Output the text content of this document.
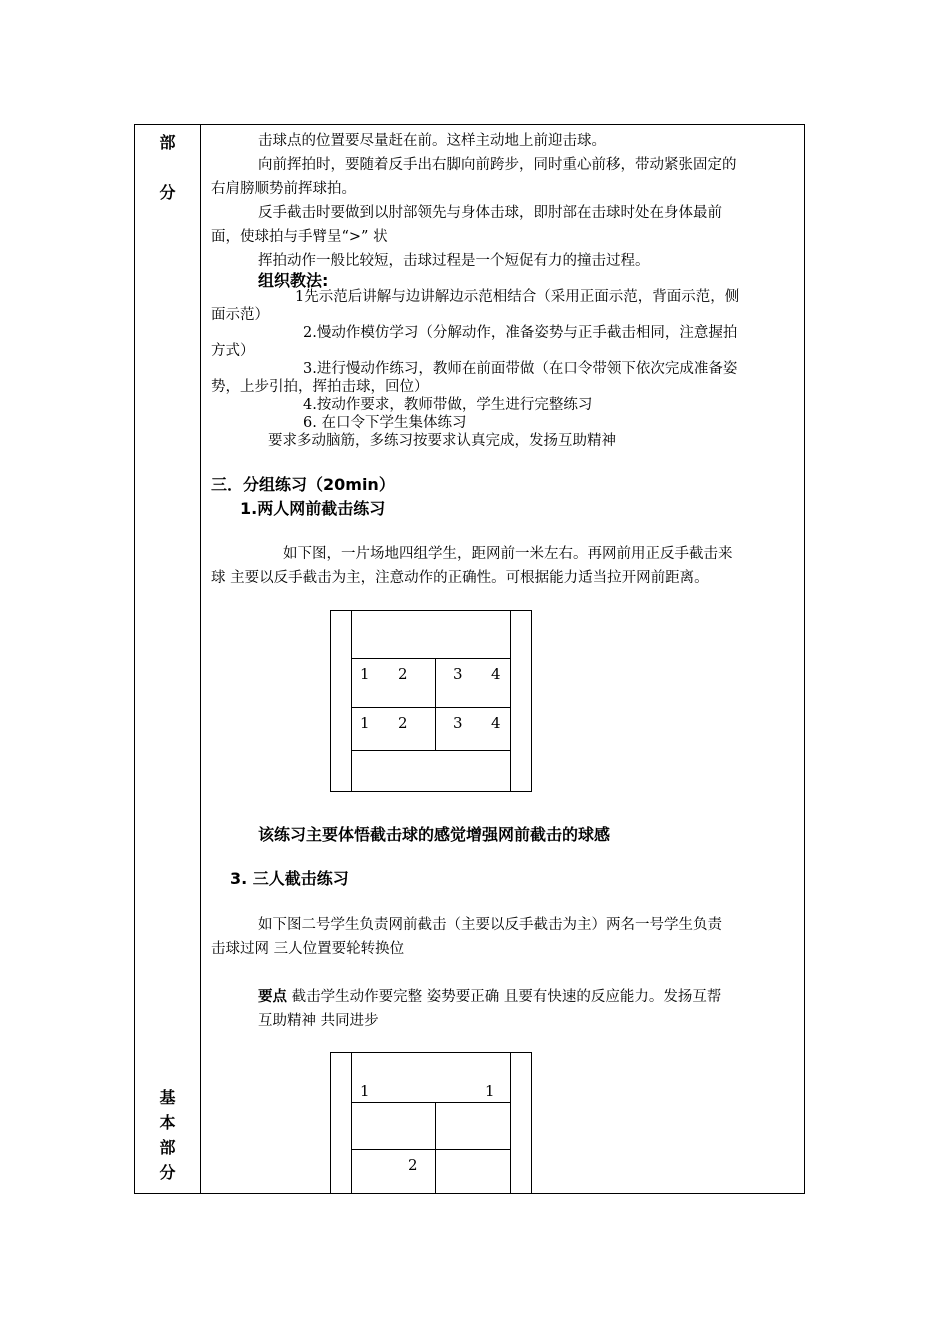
部
分
基
本
部
分
击球点的位置要尽量赶在前。这样主动地上前迎击球。
向前挥拍时，要随着反手出右脚向前跨步，同时重心前移，带动紧张固定的
右肩膀顺势前挥球拍。
反手截击时要做到以肘部领先与身体击球，即肘部在击球时处在身体最前
面，使球拍与手臂呈“>” 状
挥拍动作一般比较短，击球过程是一个短促有力的撞击过程。
组织教法:
1先示范后讲解与边讲解边示范相结合（采用正面示范，背面示范，侧
面示范）
2.慢动作模仿学习（分解动作，准备姿势与正手截击相同，注意握拍
方式）
3.进行慢动作练习，教师在前面带做（在口令带领下依次完成准备姿
势，上步引拍，挥拍击球，回位）
4.按动作要求，教师带做，学生进行完整练习
6. 在口令下学生集体练习
要求多动脑筋，多练习按要求认真完成，发扬互助精神
三．分组练习（20min）
1.两人网前截击练习
如下图，一片场地四组学生，距网前一米左右。再网前用正反手截击来
球 主要以反手截击为主，注意动作的正确性。可根据能力适当拉开网前距离。
1 2	3 4
1 2	3 4
该练习主要体悟截击球的感觉增强网前截击的球感
3. 三人截击练习
如下图二号学生负责网前截击（主要以反手截击为主）两名一号学生负责
击球过网 三人位置要轮转换位
要点 截击学生动作要完整 姿势要正确 且要有快速的反应能力。发扬互帮
互助精神 共同进步
1	1
2
